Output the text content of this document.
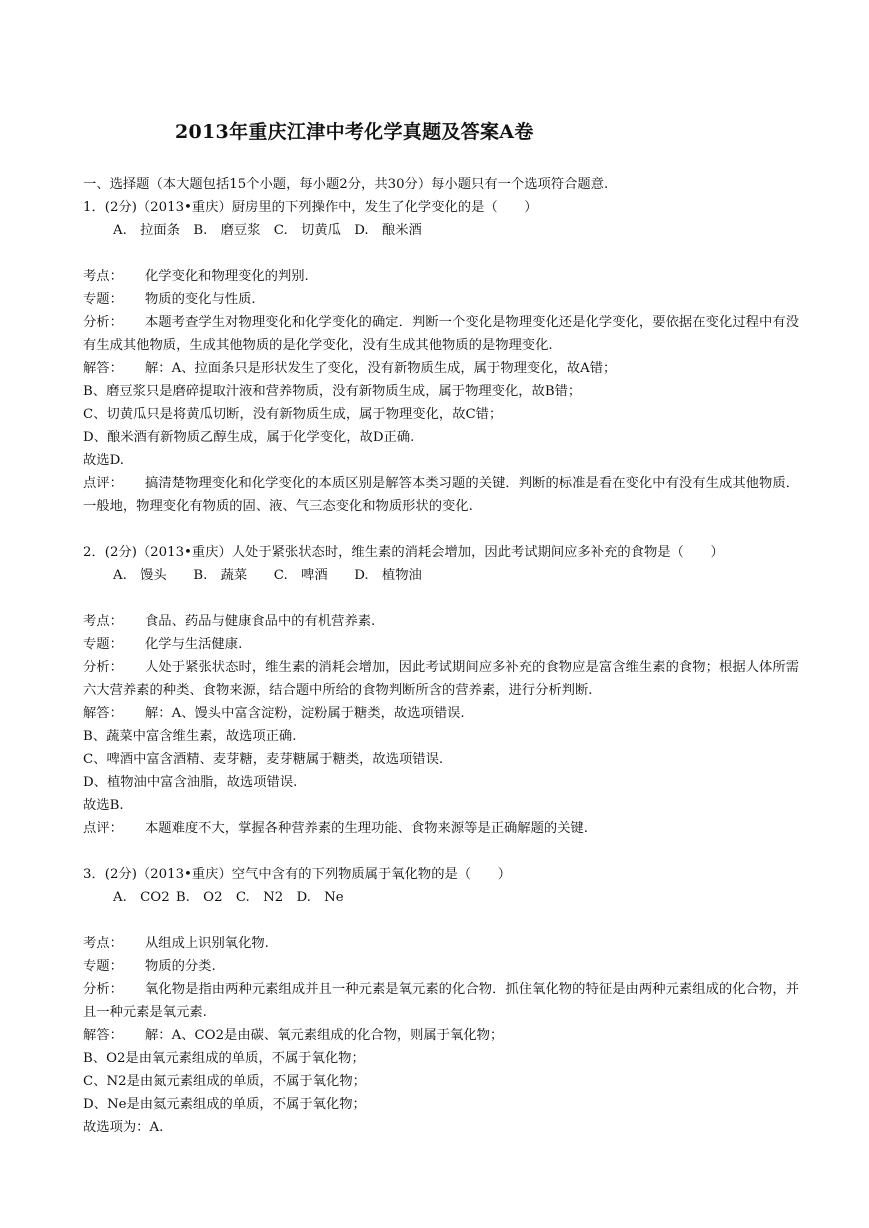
2013年重庆江津中考化学真题及答案A卷
一、选择题（本大题包括15个小题，每小题2分，共30分）每小题只有一个选项符合题意.
1．(2分)（2013•重庆）厨房里的下列操作中，发生了化学变化的是（　　）
A.　拉面条　B.　磨豆浆　C.　切黄瓜　D.　酿米酒
考点： 化学变化和物理变化的判别.
专题： 物质的变化与性质.
分析： 本题考查学生对物理变化和化学变化的确定．判断一个变化是物理变化还是化学变化，要依据在变化过程中有没有生成其他物质，生成其他物质的是化学变化，没有生成其他物质的是物理变化.
解答： 解：A、拉面条只是形状发生了变化，没有新物质生成，属于物理变化，故A错；
B、磨豆浆只是磨碎提取汁液和营养物质，没有新物质生成，属于物理变化，故B错；
C、切黄瓜只是将黄瓜切断，没有新物质生成，属于物理变化，故C错；
D、酿米酒有新物质乙醇生成，属于化学变化，故D正确.
故选D.
点评： 搞清楚物理变化和化学变化的本质区别是解答本类习题的关键．判断的标准是看在变化中有没有生成其他物质．一般地，物理变化有物质的固、液、气三态变化和物质形状的变化.
2．(2分)（2013•重庆）人处于紧张状态时，维生素的消耗会增加，因此考试期间应多补充的食物是（　　）
A.　馒头　　B.　蔬菜　　C.　啤酒　　D.　植物油
考点： 食品、药品与健康食品中的有机营养素.
专题： 化学与生活健康.
分析： 人处于紧张状态时，维生素的消耗会增加，因此考试期间应多补充的食物应是富含维生素的食物；根据人体所需六大营养素的种类、食物来源，结合题中所给的食物判断所含的营养素，进行分析判断.
解答： 解：A、馒头中富含淀粉，淀粉属于糖类，故选项错误.
B、蔬菜中富含维生素，故选项正确.
C、啤酒中富含酒精、麦芽糖，麦芽糖属于糖类，故选项错误.
D、植物油中富含油脂，故选项错误.
故选B.
点评： 本题难度不大，掌握各种营养素的生理功能、食物来源等是正确解题的关键.
3．(2分)（2013•重庆）空气中含有的下列物质属于氧化物的是（　　）
A.　CO2 B.　O2　C.　N2　D.　Ne
考点： 从组成上识别氧化物.
专题： 物质的分类.
分析： 氧化物是指由两种元素组成并且一种元素是氧元素的化合物．抓住氧化物的特征是由两种元素组成的化合物，并且一种元素是氧元素.
解答： 解：A、CO2是由碳、氧元素组成的化合物，则属于氧化物；
B、O2是由氧元素组成的单质，不属于氧化物；
C、N2是由氮元素组成的单质，不属于氧化物；
D、Ne是由氦元素组成的单质，不属于氧化物；
故选项为：A.
